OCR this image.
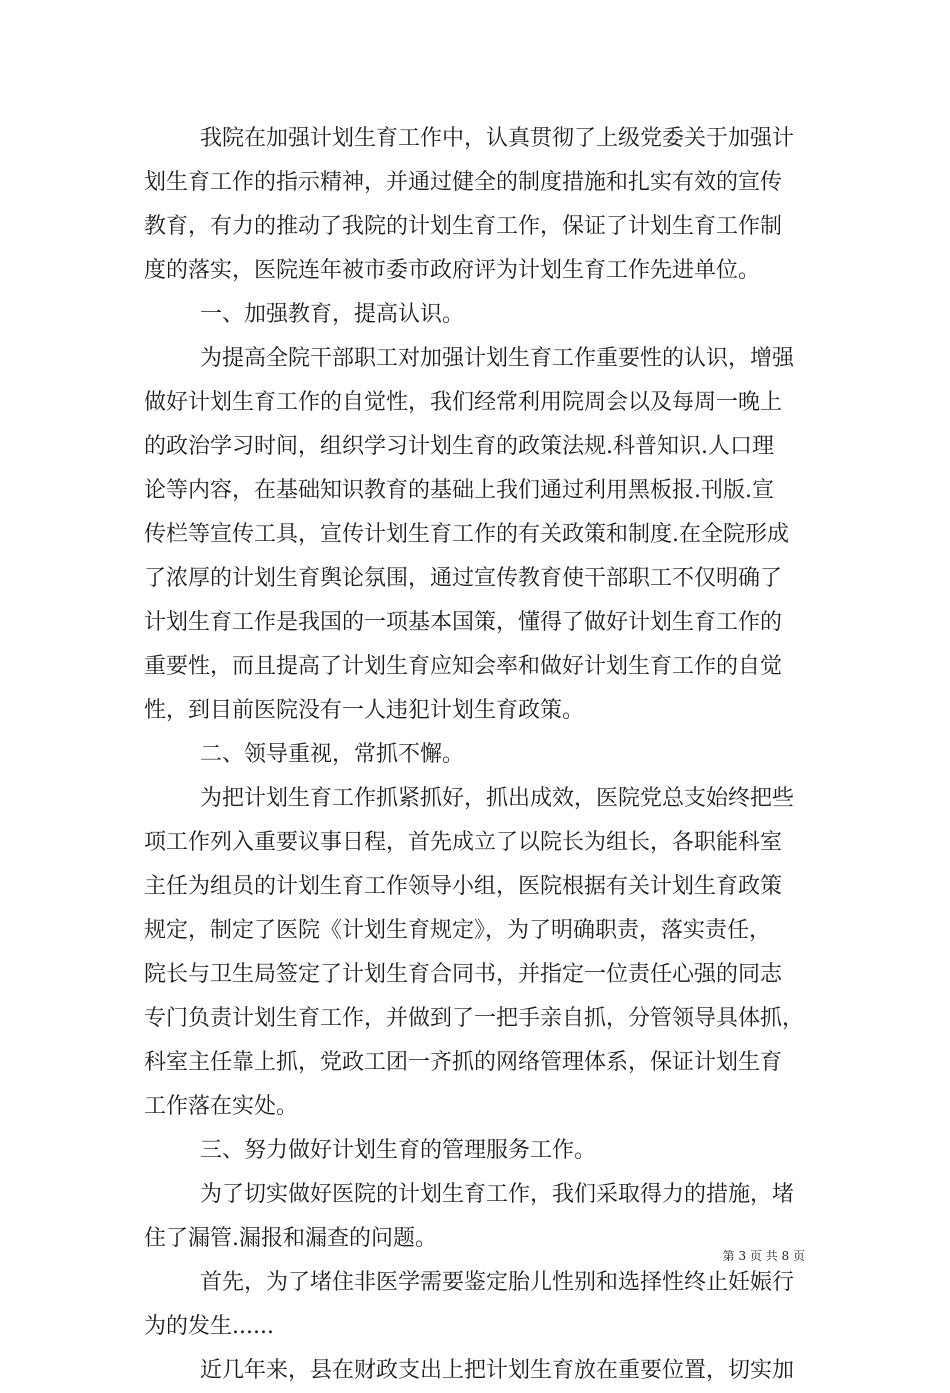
我院在加强计划生育工作中，认真贯彻了上级党委关于加强计
划生育工作的指示精神，并通过健全的制度措施和扎实有效的宣传
教育，有力的推动了我院的计划生育工作，保证了计划生育工作制
度的落实，医院连年被市委市政府评为计划生育工作先进单位。
一、加强教育，提高认识。
为提高全院干部职工对加强计划生育工作重要性的认识，增强
做好计划生育工作的自觉性，我们经常利用院周会以及每周一晚上
的政治学习时间，组织学习计划生育的政策法规.科普知识.人口理
论等内容，在基础知识教育的基础上我们通过利用黑板报.刊版.宣
传栏等宣传工具，宣传计划生育工作的有关政策和制度.在全院形成
了浓厚的计划生育舆论氛围，通过宣传教育使干部职工不仅明确了
计划生育工作是我国的一项基本国策，懂得了做好计划生育工作的
重要性，而且提高了计划生育应知会率和做好计划生育工作的自觉
性，到目前医院没有一人违犯计划生育政策。
二、领导重视，常抓不懈。
为把计划生育工作抓紧抓好，抓出成效，医院党总支始终把些
项工作列入重要议事日程，首先成立了以院长为组长，各职能科室
主任为组员的计划生育工作领导小组，医院根据有关计划生育政策
规定，制定了医院《计划生育规定》，为了明确职责，落实责任，
院长与卫生局签定了计划生育合同书，并指定一位责任心强的同志
专门负责计划生育工作，并做到了一把手亲自抓，分管领导具体抓，
科室主任靠上抓，党政工团一齐抓的网络管理体系，保证计划生育
工作落在实处。
三、努力做好计划生育的管理服务工作。
为了切实做好医院的计划生育工作，我们采取得力的措施，堵
住了漏管.漏报和漏查的问题。
首先，为了堵住非医学需要鉴定胎儿性别和选择性终止妊娠行
为的发生......
近几年来，县在财政支出上把计划生育放在重要位置，切实加
第 3 页 共 8 页
